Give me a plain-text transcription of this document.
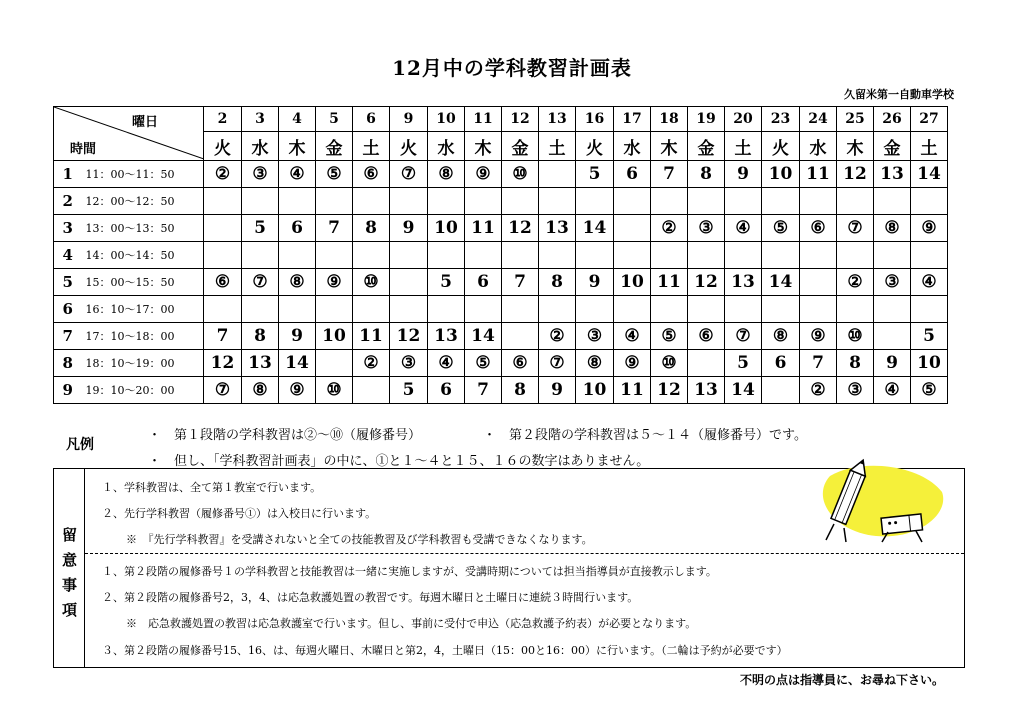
12月中の学科教習計画表
久留米第一自動車学校
曜日
時間		2	3	4	5	6	9	10	11	12	13	16	17	18	19	20	23	24	25	26	27
		火	水	木	金	土	火	水	木	金	土	火	水	木	金	土	火	水	木	金	土
1	11：00～11：50	②	③	④	⑤	⑥	⑦	⑧	⑨	⑩		5	6	7	8	9	10	11	12	13	14
2	12：00～12：50																				
3	13：00～13：50		5	6	7	8	9	10	11	12	13	14		②	③	④	⑤	⑥	⑦	⑧	⑨
4	14：00～14：50																				
5	15：00～15：50	⑥	⑦	⑧	⑨	⑩		5	6	7	8	9	10	11	12	13	14		②	③	④
6	16：10～17：00																				
7	17：10～18：00	7	8	9	10	11	12	13	14		②	③	④	⑤	⑥	⑦	⑧	⑨	⑩		5
8	18：10～19：00	12	13	14		②	③	④	⑤	⑥	⑦	⑧	⑨	⑩		5	6	7	8	9	10
9	19：10～20：00	⑦	⑧	⑨	⑩		5	6	7	8	9	10	11	12	13	14		②	③	④	⑤
凡例
・　第１段階の学科教習は②～⑩（履修番号）	・　第２段階の学科教習は５～１４（履修番号）です。
・　但し、「学科教習計画表」の中に、①と１～４と１５、１６の数字はありません。
留
意
事
項
１、学科教習は、全て第１教室で行います。
２、先行学科教習（履修番号①）は入校日に行います。
※　『先行学科教習』を受講されないと全ての技能教習及び学科教習も受講できなくなります。
１、第２段階の履修番号１の学科教習と技能教習は一緒に実施しますが、受講時期については担当指導員が直接教示します。
２、第２段階の履修番号2，3，4、は応急救護処置の教習です。毎週木曜日と土曜日に連続３時間行います。
※　応急救護処置の教習は応急救護室で行います。但し、事前に受付で申込（応急救護予約表）が必要となります。
３、第２段階の履修番号15、16、は、毎週火曜日、木曜日と第2，4，土曜日（15：00と16：00）に行います。（二輪は予約が必要です）
不明の点は指導員に、お尋ね下さい。
